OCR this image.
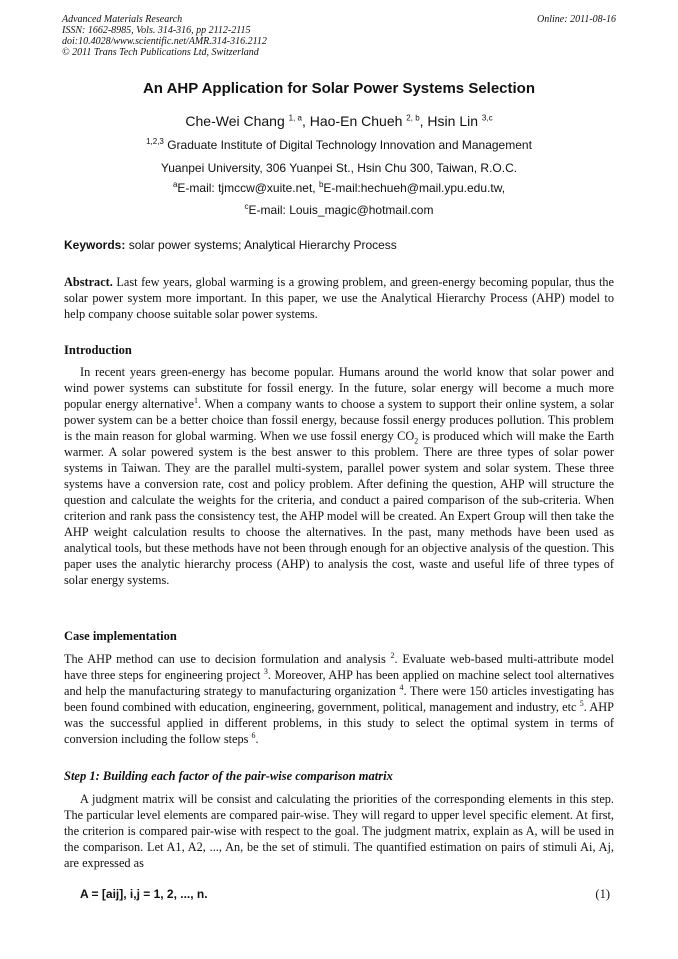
Advanced Materials Research
ISSN: 1662-8985, Vols. 314-316, pp 2112-2115
doi:10.4028/www.scientific.net/AMR.314-316.2112
© 2011 Trans Tech Publications Ltd, Switzerland
Online: 2011-08-16
An AHP Application for Solar Power Systems Selection
Che-Wei Chang $^{1, a}$, Hao-En Chueh $^{2, b}$, Hsin Lin $^{3,c}$
$^{1,2,3}$ Graduate Institute of Digital Technology Innovation and Management
Yuanpei University, 306 Yuanpei St., Hsin Chu 300, Taiwan, R.O.C.
$^a$E-mail: tjmccw@xuite.net, $^b$E-mail:hechueh@mail.ypu.edu.tw,
$^c$E-mail: Louis_magic@hotmail.com
Keywords: solar power systems; Analytical Hierarchy Process
Abstract. Last few years, global warming is a growing problem, and green-energy becoming popular, thus the solar power system more important. In this paper, we use the Analytical Hierarchy Process (AHP) model to help company choose suitable solar power systems.
Introduction
In recent years green-energy has become popular. Humans around the world know that solar power and wind power systems can substitute for fossil energy. In the future, solar energy will become a much more popular energy alternative$^1$. When a company wants to choose a system to support their online system, a solar power system can be a better choice than fossil energy, because fossil energy produces pollution. This problem is the main reason for global warming. When we use fossil energy $CO_2$ is produced which will make the Earth warmer. A solar powered system is the best answer to this problem. There are three types of solar power systems in Taiwan. They are the parallel multi-system, parallel power system and solar system. These three systems have a conversion rate, cost and policy problem. After defining the question, AHP will structure the question and calculate the weights for the criteria, and conduct a paired comparison of the sub-criteria. When criterion and rank pass the consistency test, the AHP model will be created. An Expert Group will then take the AHP weight calculation results to choose the alternatives. In the past, many methods have been used as analytical tools, but these methods have not been through enough for an objective analysis of the question. This paper uses the analytic hierarchy process (AHP) to analysis the cost, waste and useful life of three types of solar energy systems.
Case implementation
The AHP method can use to decision formulation and analysis $^2$. Evaluate web-based multi-attribute model have three steps for engineering project $^3$. Moreover, AHP has been applied on machine select tool alternatives and help the manufacturing strategy to manufacturing organization $^4$. There were 150 articles investigating has been found combined with education, engineering, government, political, management and industry, etc $^5$. AHP was the successful applied in different problems, in this study to select the optimal system in terms of conversion including the follow steps $^6$.
Step 1: Building each factor of the pair-wise comparison matrix
A judgment matrix will be consist and calculating the priorities of the corresponding elements in this step. The particular level elements are compared pair-wise. They will regard to upper level specific element. At first, the criterion is compared pair-wise with respect to the goal. The judgment matrix, explain as A, will be used in the comparison. Let A1, A2, ..., An, be the set of stimuli. The quantified estimation on pairs of stimuli Ai, Aj, are expressed as
A = [aij], i,j = 1, 2, ..., n.	(1)
